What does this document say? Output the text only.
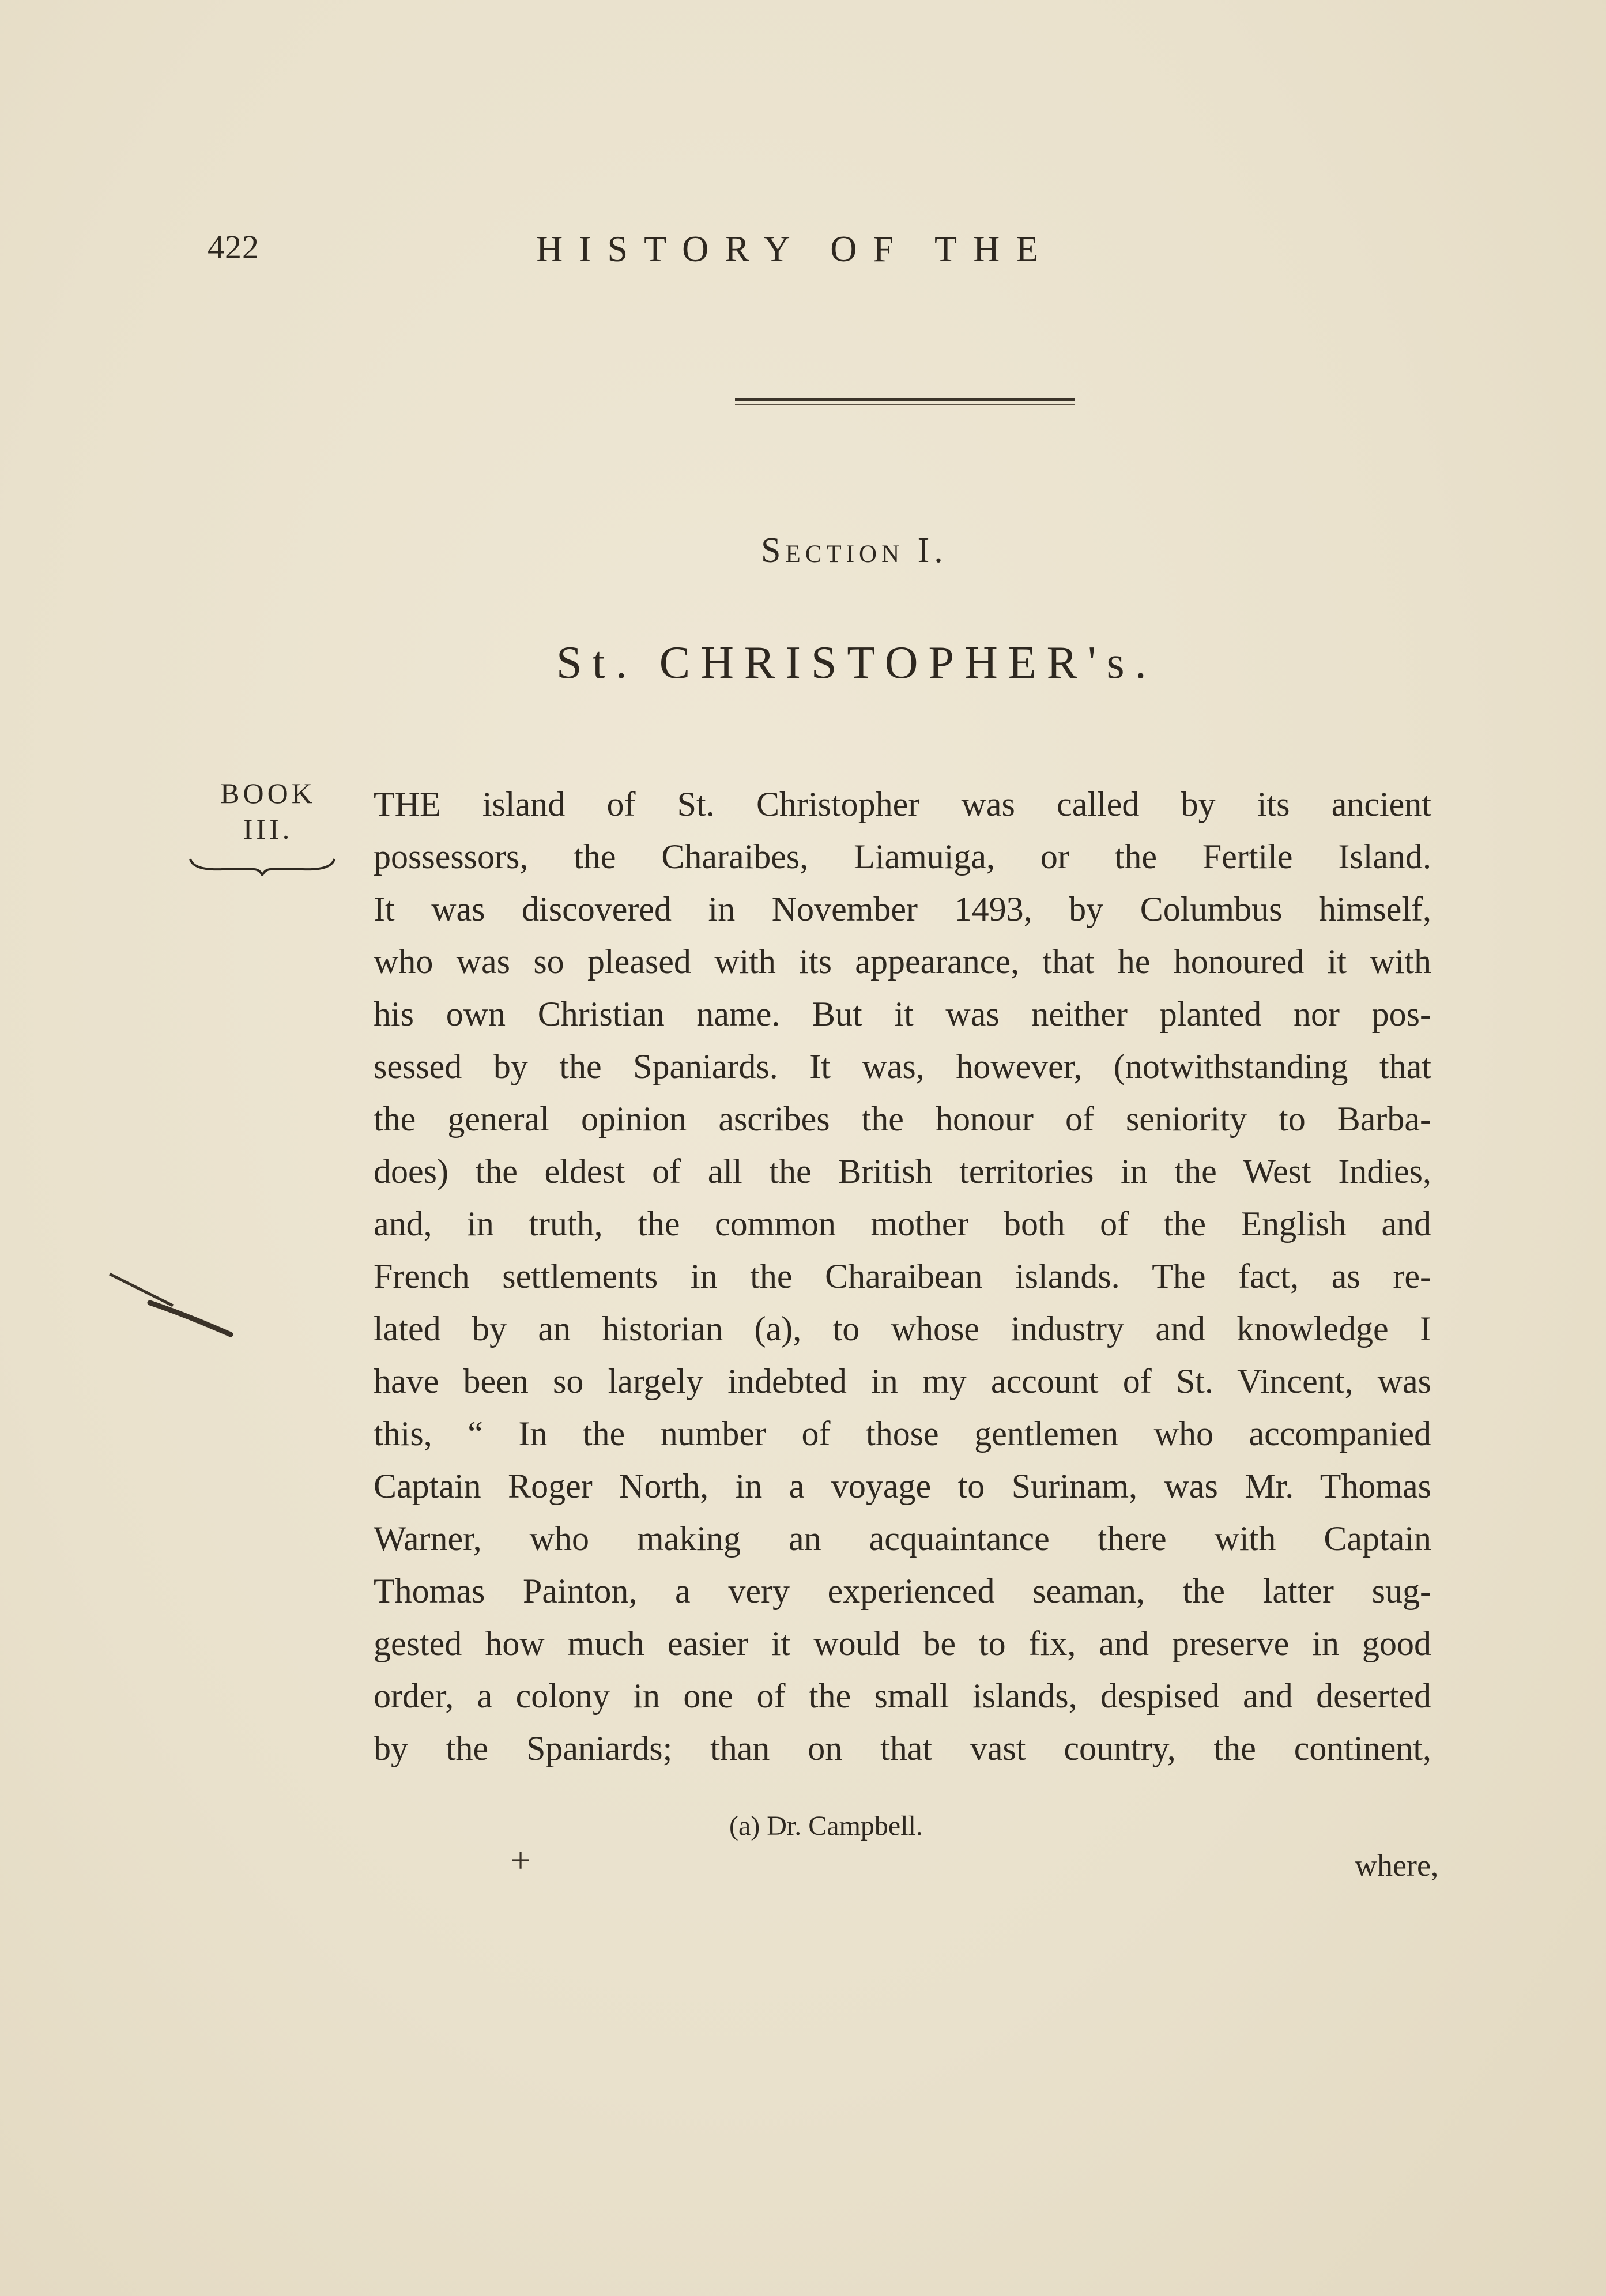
422	HISTORY OF THE
Section I.
St. CHRISTOPHER's.
BOOK
III.
THE island of St. Christopher was called by its ancient
possessors, the Charaibes, Liamuiga, or the Fertile Island.
It was discovered in November 1493, by Columbus himself,
who was so pleased with its appearance, that he honoured it with
his own Christian name. But it was neither planted nor pos-
sessed by the Spaniards. It was, however, (notwithstanding that
the general opinion ascribes the honour of seniority to Barba-
does) the eldest of all the British territories in the West Indies,
and, in truth, the common mother both of the English and
French settlements in the Charaibean islands. The fact, as re-
lated by an historian (a), to whose industry and knowledge I
have been so largely indebted in my account of St. Vincent, was
this, “ In the number of those gentlemen who accompanied
Captain Roger North, in a voyage to Surinam, was Mr. Thomas
Warner, who making an acquaintance there with Captain
Thomas Painton, a very experienced seaman, the latter sug-
gested how much easier it would be to fix, and preserve in good
order, a colony in one of the small islands, despised and deserted
by the Spaniards; than on that vast country, the continent,
(a) Dr. Campbell.
+	where,
